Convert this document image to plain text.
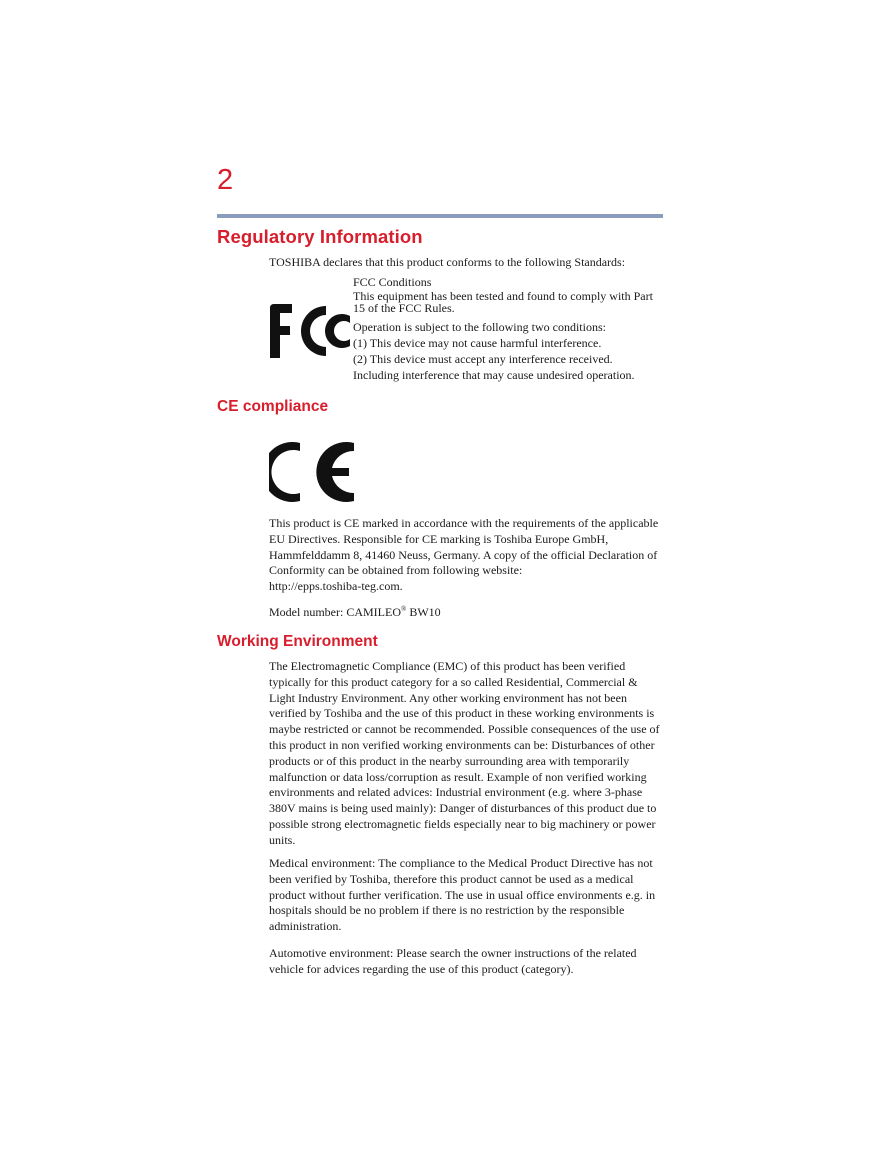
2
Regulatory Information
TOSHIBA declares that this product conforms to the following Standards:
FCC Conditions
This equipment has been tested and found to comply with Part
15 of the FCC Rules.
Operation is subject to the following two conditions:
(1) This device may not cause harmful interference.
(2) This device must accept any interference received.
Including interference that may cause undesired operation.
CE compliance
This product is CE marked in accordance with the requirements of the applicable EU Directives. Responsible for CE marking is Toshiba Europe GmbH, Hammfelddamm 8, 41460 Neuss, Germany. A copy of the official Declaration of Conformity can be obtained from following website:
http://epps.toshiba-teg.com.
Model number: CAMILEO® BW10
Working Environment
The Electromagnetic Compliance (EMC) of this product has been verified typically for this product category for a so called Residential, Commercial & Light Industry Environment. Any other working environment has not been verified by Toshiba and the use of this product in these working environments is maybe restricted or cannot be recommended. Possible consequences of the use of this product in non verified working environments can be: Disturbances of other products or of this product in the nearby surrounding area with temporarily malfunction or data loss/corruption as result. Example of non verified working environments and related advices: Industrial environment (e.g. where 3-phase 380V mains is being used mainly): Danger of disturbances of this product due to possible strong electromagnetic fields especially near to big machinery or power units.
Medical environment: The compliance to the Medical Product Directive has not been verified by Toshiba, therefore this product cannot be used as a medical product without further verification. The use in usual office environments e.g. in hospitals should be no problem if there is no restriction by the responsible administration.
Automotive environment: Please search the owner instructions of the related vehicle for advices regarding the use of this product (category).
